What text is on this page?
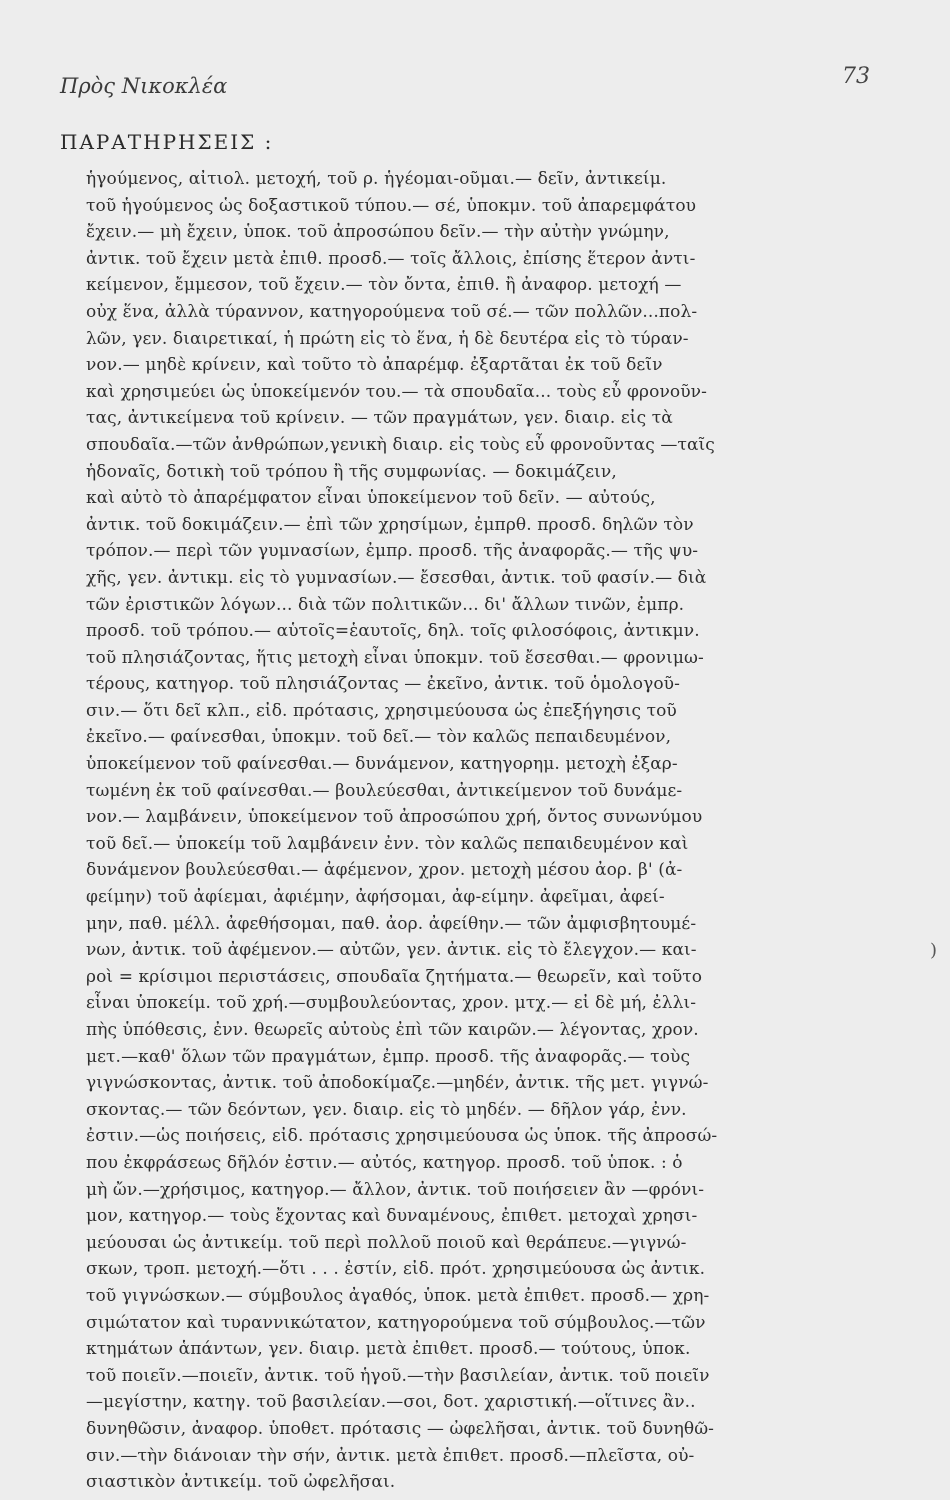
Πρὸς Νικοκλέα	73
ΠΑΡΑΤΗΡΗΣΕΙΣ :
)
ἡγούμενος, αἰτιολ. μετοχή, τοῦ ρ. ἡγέομαι-οῦμαι.— δεῖν, ἀντικείμ.
τοῦ ἡγούμενος ὡς δοξαστικοῦ τύπου.— σέ, ὑποκμν. τοῦ ἀπαρεμφάτου
ἔχειν.— μὴ ἔχειν, ὑποκ. τοῦ ἀπροσώπου δεῖν.— τὴν αὐτὴν γνώμην,
ἀντικ. τοῦ ἔχειν μετὰ ἐπιθ. προσδ.— τοῖς ἄλλοις, ἐπίσης ἕτερον ἀντι-
κείμενον, ἔμμεσον, τοῦ ἔχειν.— τὸν ὄντα, ἐπιθ. ἢ ἀναφορ. μετοχή —
οὐχ ἕνα, ἀλλὰ τύραννον, κατηγορούμενα τοῦ σέ.— τῶν πολλῶν...πολ-
λῶν, γεν. διαιρετικαί, ἡ πρώτη εἰς τὸ ἕνα, ἡ δὲ δευτέρα εἰς τὸ τύραν-
νον.— μηδὲ κρίνειν, καὶ τοῦτο τὸ ἀπαρέμφ. ἐξαρτᾶται ἐκ τοῦ δεῖν
καὶ χρησιμεύει ὡς ὑποκείμενόν του.— τὰ σπουδαῖα... τοὺς εὖ φρονοῦν-
τας, ἀντικείμενα τοῦ κρίνειν. — τῶν πραγμάτων, γεν. διαιρ. εἰς τὰ
σπουδαῖα.—τῶν ἀνθρώπων,γενικὴ διαιρ. εἰς τοὺς εὖ φρονοῦντας —ταῖς
ἡδοναῖς, δοτικὴ τοῦ τρόπου ἢ τῆς συμφωνίας. — δοκιμάζειν,
καὶ αὐτὸ τὸ ἀπαρέμφατον εἶναι ὑποκείμενον τοῦ δεῖν. — αὐτούς,
ἀντικ. τοῦ δοκιμάζειν.— ἐπὶ τῶν χρησίμων, ἐμπρθ. προσδ. δηλῶν τὸν
τρόπον.— περὶ τῶν γυμνασίων, ἐμπρ. προσδ. τῆς ἀναφορᾶς.— τῆς ψυ-
χῆς, γεν. ἀντικμ. εἰς τὸ γυμνασίων.— ἔσεσθαι, ἀντικ. τοῦ φασίν.— διὰ
τῶν ἐριστικῶν λόγων... διὰ τῶν πολιτικῶν... δι' ἄλλων τινῶν, ἐμπρ.
προσδ. τοῦ τρόπου.— αὑτοῖς=ἑαυτοῖς, δηλ. τοῖς φιλοσόφοις, ἀντικμν.
τοῦ πλησιάζοντας, ἥτις μετοχὴ εἶναι ὑποκμν. τοῦ ἔσεσθαι.— φρονιμω-
τέρους, κατηγορ. τοῦ πλησιάζοντας — ἐκεῖνο, ἀντικ. τοῦ ὁμολογοῦ-
σιν.— ὅτι δεῖ κλπ., εἰδ. πρότασις, χρησιμεύουσα ὡς ἐπεξήγησις τοῦ
ἐκεῖνο.— φαίνεσθαι, ὑποκμν. τοῦ δεῖ.— τὸν καλῶς πεπαιδευμένον,
ὑποκείμενον τοῦ φαίνεσθαι.— δυνάμενον, κατηγορημ. μετοχὴ ἐξαρ-
τωμένη ἐκ τοῦ φαίνεσθαι.— βουλεύεσθαι, ἀντικείμενον τοῦ δυνάμε-
νον.— λαμβάνειν, ὑποκείμενον τοῦ ἀπροσώπου χρή, ὄντος συνωνύμου
τοῦ δεῖ.— ὑποκείμ τοῦ λαμβάνειν ἐνν. τὸν καλῶς πεπαιδευμένον καὶ
δυνάμενον βουλεύεσθαι.— ἀφέμενον, χρον. μετοχὴ μέσου ἀορ. β' (ἀ-
φείμην) τοῦ ἀφίεμαι, ἀφιέμην, ἀφήσομαι, ἀφ-είμην. ἀφεῖμαι, ἀφεί-
μην, παθ. μέλλ. ἀφεθήσομαι, παθ. ἀορ. ἀφείθην.— τῶν ἀμφισβητουμέ-
νων, ἀντικ. τοῦ ἀφέμενον.— αὐτῶν, γεν. ἀντικ. εἰς τὸ ἔλεγχον.— και-
ροὶ = κρίσιμοι περιστάσεις, σπουδαῖα ζητήματα.— θεωρεῖν, καὶ τοῦτο
εἶναι ὑποκείμ. τοῦ χρή.—συμβουλεύοντας, χρον. μτχ.— εἰ δὲ μή, ἐλλι-
πὴς ὑπόθεσις, ἐνν. θεωρεῖς αὐτοὺς ἐπὶ τῶν καιρῶν.— λέγοντας, χρον.
μετ.—καθ' ὅλων τῶν πραγμάτων, ἐμπρ. προσδ. τῆς ἀναφορᾶς.— τοὺς
γιγνώσκοντας, ἀντικ. τοῦ ἀποδοκίμαζε.—μηδέν, ἀντικ. τῆς μετ. γιγνώ-
σκοντας.— τῶν δεόντων, γεν. διαιρ. εἰς τὸ μηδέν. — δῆλον γάρ, ἐνν.
ἐστιν.—ὡς ποιήσεις, εἰδ. πρότασις χρησιμεύουσα ὡς ὑποκ. τῆς ἀπροσώ-
που ἐκφράσεως δῆλόν ἐστιν.— αὐτός, κατηγορ. προσδ. τοῦ ὑποκ. : ὁ
μὴ ὤν.—χρήσιμος, κατηγορ.— ἄλλον, ἀντικ. τοῦ ποιήσειεν ἂν —φρόνι-
μον, κατηγορ.— τοὺς ἔχοντας καὶ δυναμένους, ἐπιθετ. μετοχαὶ χρησι-
μεύουσαι ὡς ἀντικείμ. τοῦ περὶ πολλοῦ ποιοῦ καὶ θεράπευε.—γιγνώ-
σκων, τροπ. μετοχή.—ὅτι . . . ἐστίν, εἰδ. πρότ. χρησιμεύουσα ὡς ἀντικ.
τοῦ γιγνώσκων.— σύμβουλος ἀγαθός, ὑποκ. μετὰ ἐπιθετ. προσδ.— χρη-
σιμώτατον καὶ τυραννικώτατον, κατηγορούμενα τοῦ σύμβουλος.—τῶν
κτημάτων ἁπάντων, γεν. διαιρ. μετὰ ἐπιθετ. προσδ.— τούτους, ὑποκ.
τοῦ ποιεῖν.—ποιεῖν, ἀντικ. τοῦ ἡγοῦ.—τὴν βασιλείαν, ἀντικ. τοῦ ποιεῖν
—μεγίστην, κατηγ. τοῦ βασιλείαν.—σοι, δοτ. χαριστική.—οἵτινες ἂν..
δυνηθῶσιν, ἀναφορ. ὑποθετ. πρότασις — ὠφελῆσαι, ἀντικ. τοῦ δυνηθῶ-
σιν.—τὴν διάνοιαν τὴν σήν, ἀντικ. μετὰ ἐπιθετ. προσδ.—πλεῖστα, οὐ-
σιαστικὸν ἀντικείμ. τοῦ ὠφελῆσαι.
